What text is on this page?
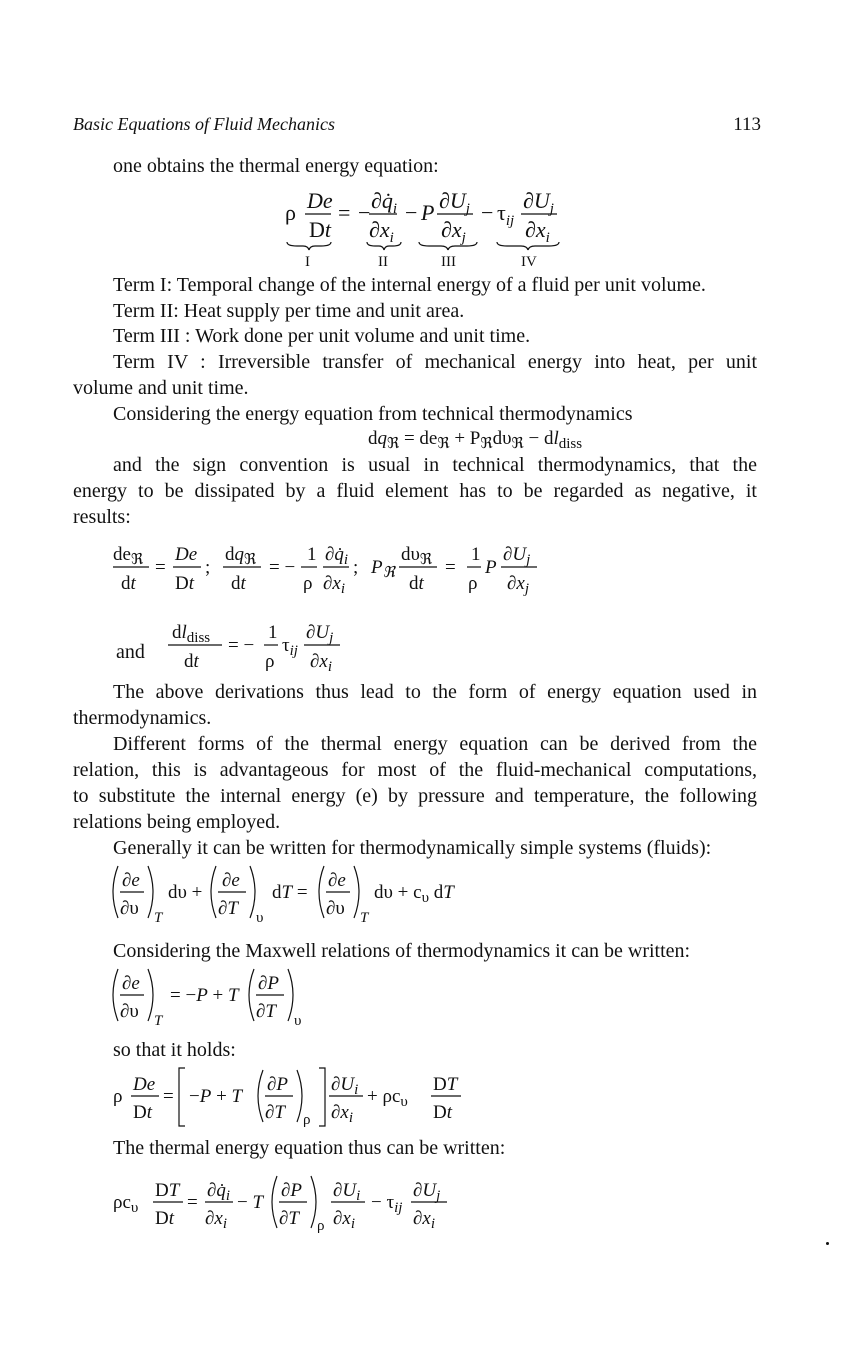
Basic Equations of Fluid Mechanics	113
one obtains the thermal energy equation:
ρ De
Dt
= − $\partial q̇_i$
$\partial x_i$
− P $\partial U_j$
$\partial x_j$
− $\tau_{ij}$
$\partial U_j$
$\partial x_i$
I	II	III	IV
Term I: Temporal change of the internal energy of a fluid per unit volume.
Term II: Heat supply per time and unit area.
Term III : Work done per unit volume and unit time.
Term IV : Irreversible transfer of mechanical energy into heat, per unit
volume and unit time.
Considering the energy equation from technical thermodynamics
$dq_ℜ = de_ℜ + P_ℜd\upsilon_ℜ - dl_{diss}$
and the sign convention is usual in technical thermodynamics, that the
energy to be dissipated by a fluid element has to be regarded as negative, it
results:
$de_ℜ$
dt
=
De
Dt
;
$dq_ℜ$
dt
= −
1
ρ
$\partial q̇_i$
$\partial x_i$
; $P_ℜ$
$d\upsilon_ℜ$
dt
=
1
ρ
P
$\partial U_j$
$\partial x_j$
and
$dl_{diss}$
dt
= −
1
ρ
$\tau_{ij}$
$\partial U_j$
$\partial x_i$
The above derivations thus lead to the form of energy equation used in
thermodynamics.
Different forms of the thermal energy equation can be derived from the
relation, this is advantageous for most of the fluid-mechanical computations,
to substitute the internal energy (e) by pressure and temperature, the following
relations being employed.
Generally it can be written for thermodynamically simple systems (fluids):
∂e
∂υ T
dυ +
∂e
∂T υ
dT =
∂e
∂υ T
$d\upsilon + c_\upsilon$ dT
Considering the Maxwell relations of thermodynamics it can be written:
∂e
∂υ T
= −P + T
∂P
∂T υ
so that it holds:
ρ
De
Dt
= −P + T
∂P
∂T ρ
$\partial U_i$
$\partial x_i$
+ $\rho c_\upsilon$
DT
Dt
The thermal energy equation thus can be written:
$\rho c_\upsilon$
DT
Dt
=
$\partial q̇_i$
$\partial x_i$
− T
∂P
∂T ρ
$\partial U_i$
$\partial x_i$
− $\tau_{ij}$
$\partial U_j$
$\partial x_i$
